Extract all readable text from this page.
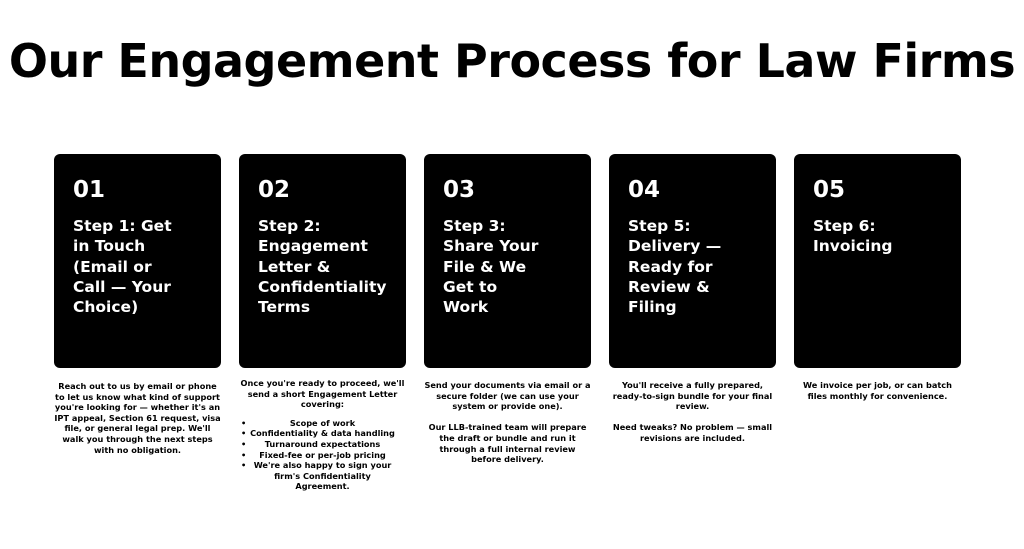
Our Engagement Process for Law Firms
01
Step 1: Get
in Touch
(Email or
Call — Your
Choice)
Reach out to us by email or phone to let us know what kind of support you're looking for — whether it's an IPT appeal, Section 61 request, visa file, or general legal prep. We'll walk you through the next steps with no obligation.
02
Step 2:
Engagement
Letter &
Confidentiality
Terms
Once you're ready to proceed, we'll send a short Engagement Letter covering:
• Scope of work
• Confidentiality & data handling
• Turnaround expectations
• Fixed-fee or per-job pricing
• We're also happy to sign your firm's Confidentiality Agreement.
03
Step 3:
Share Your
File & We
Get to
Work
Send your documents via email or a secure folder (we can use your system or provide one).

Our LLB-trained team will prepare the draft or bundle and run it through a full internal review before delivery.
04
Step 5:
Delivery —
Ready for
Review &
Filing
You'll receive a fully prepared, ready-to-sign bundle for your final review.

Need tweaks? No problem — small revisions are included.
05
Step 6:
Invoicing
We invoice per job, or can batch files monthly for convenience.
